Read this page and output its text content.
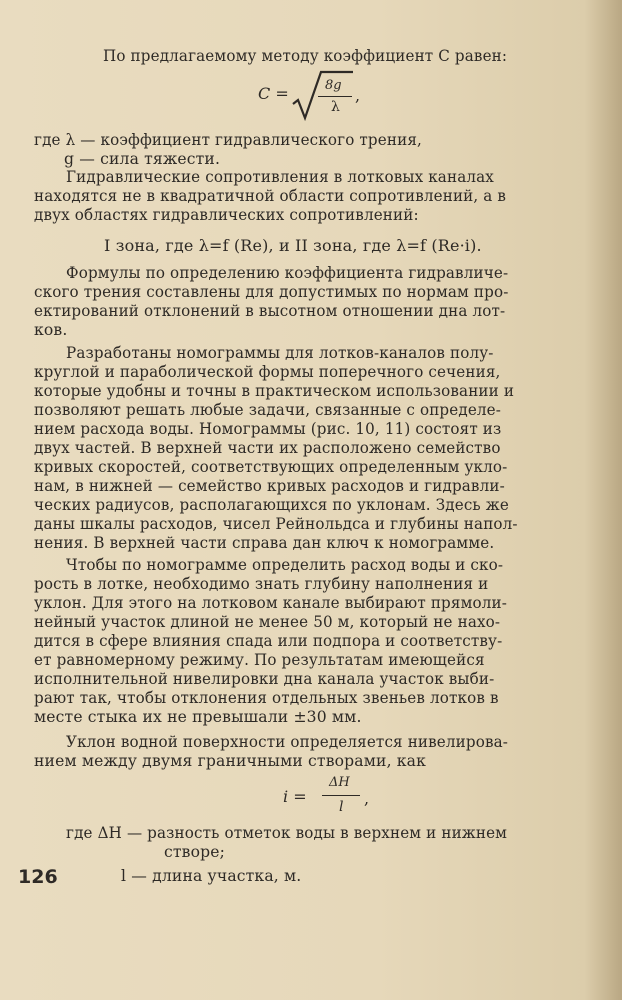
По предлагаемому методу коэффициент С равен:
C =	8g
λ
,
где λ — коэффициент гидравлического трения,
g — сила тяжести.
Гидравлические сопротивления в лотковых каналах
находятся не в квадратичной области сопротивлений, а в
двух областях гидравлических сопротивлений:
I зона, где λ=f (Re), и II зона, где λ=f (Re·i).
Формулы по определению коэффициента гидравличе-
ского трения составлены для допустимых по нормам про-
ектирований отклонений в высотном отношении дна лот-
ков.
Разработаны номограммы для лотков-каналов полу-
круглой и параболической формы поперечного сечения,
которые удобны и точны в практическом использовании и
позволяют решать любые задачи, связанные с определе-
нием расхода воды. Номограммы (рис. 10, 11) состоят из
двух частей. В верхней части их расположено семейство
кривых скоростей, соответствующих определенным укло-
нам, в нижней — семейство кривых расходов и гидравли-
ческих радиусов, располагающихся по уклонам. Здесь же
даны шкалы расходов, чисел Рейнольдса и глубины напол-
нения. В верхней части справа дан ключ к номограмме.
Чтобы по номограмме определить расход воды и ско-
рость в лотке, необходимо знать глубину наполнения и
уклон. Для этого на лотковом канале выбирают прямоли-
нейный участок длиной не менее 50 м, который не нахо-
дится в сфере влияния спада или подпора и соответству-
ет равномерному режиму. По результатам имеющейся
исполнительной нивелировки дна канала участок выби-
рают так, чтобы отклонения отдельных звеньев лотков в
месте стыка их не превышали ±30 мм.
Уклон водной поверхности определяется нивелирова-
нием между двумя граничными створами, как
i =
ΔH
l ,
где ΔH — разность отметок воды в верхнем и нижнем
створе;
l — длина участка, м.
126
